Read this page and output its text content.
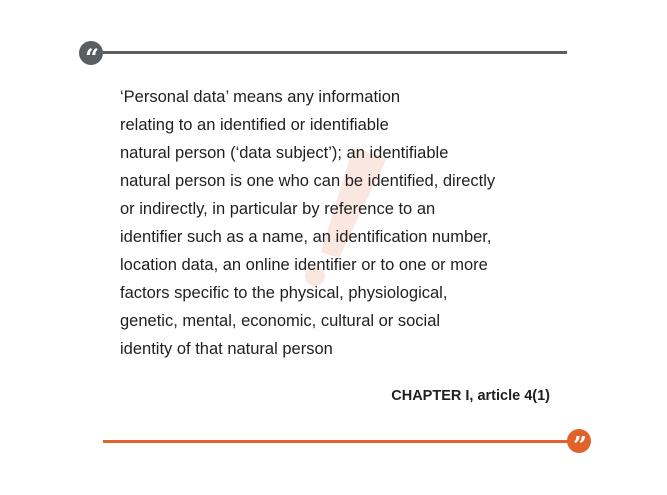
“
‘Personal data’ means any information
relating to an identified or identifiable
natural person (‘data subject’); an identifiable
natural person is one who can be identified, directly
or indirectly, in particular by reference to an
identifier such as a name, an identification number,
location data, an online identifier or to one or more
factors specific to the physical, physiological,
genetic, mental, economic, cultural or social
identity of that natural person
CHAPTER I, article 4(1)
”
